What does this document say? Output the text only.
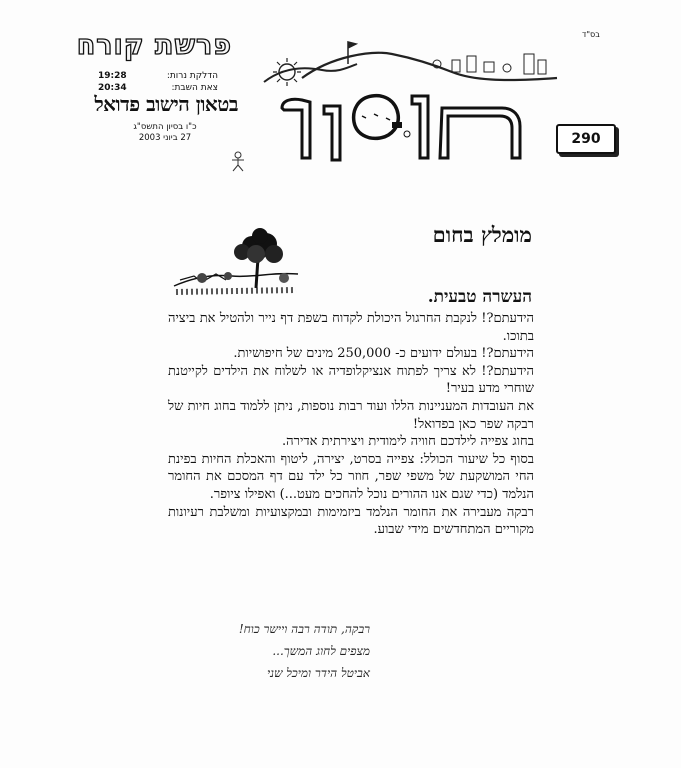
בס"ד
פרשת קורח
הדלקת נרות:
19:28
צאת השבת:
20:34
בטאון הישוב פדואל
כ"ו בסיון התשס"ג
27 ביוני 2003	290
מומלץ בחום
העשרה טבעית.

הידעתם?! לנקבת החרגול היכולת לקדוח בשפת דף נייר ולהטיל את ביציה בתוכו.

הידעתם?! בעולם ידועים כ- 250,000 מינים של חיפושיות.

הידעתם?! לא צריך לפתוח אנציקלופדיה או לשלוח את הילדים לקייטנת שוחרי מדע בעיר!

את העובדות המעניינות הללו ועוד רבות נוספות, ניתן ללמוד בחוג חיות של רבקה שפר כאן בפדואל!

בחוג צפייה לילדכם חוויה לימודית ויצירתית אדירה.

בסוף כל שיעור הכולל: צפייה בסרט, יצירה, ליטוף והאכלת החיות בפינת החי המושקעת של משפי שפר, חוזר כל ילד עם דף המסכם את החומר הנלמד (כדי שגם אנו ההורים נוכל להחכים מעט...) ואפילו ציופר.

רבקה מעבירה את החומר הנלמד ביזמימות ובמקצועיות ומשלבת רעיונות מקוריים המתחדשים מידי שבוע.

רבקה, תודה רבה ויישר כוח!
מצפים לחוג המשך...
אביטל הידר ומיכל שני
